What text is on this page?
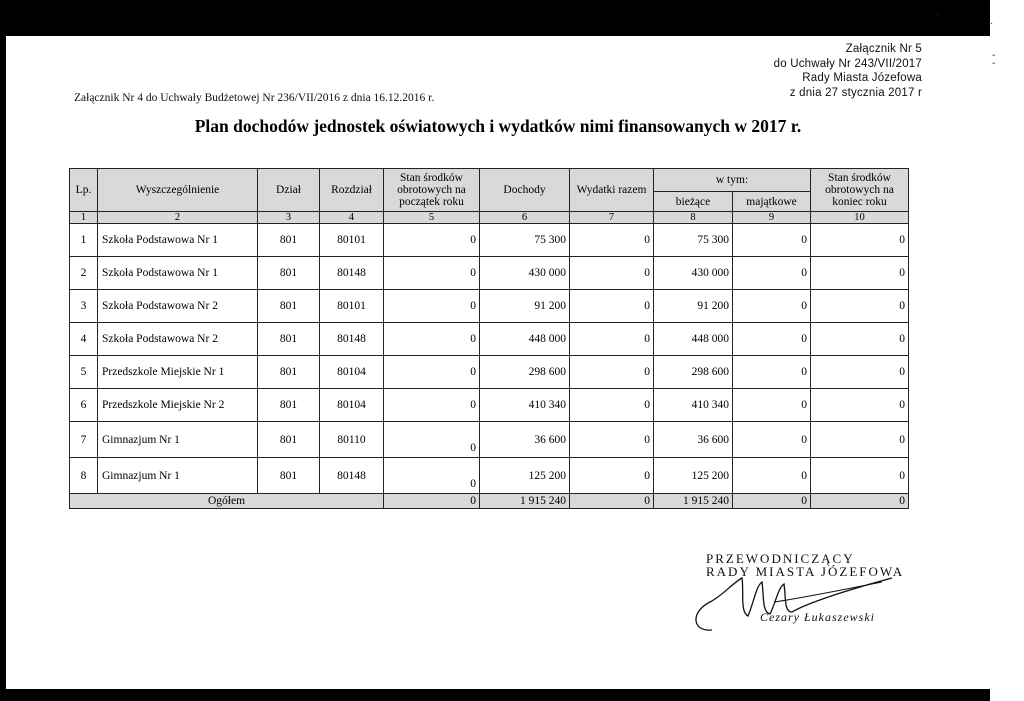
·
Załącznik Nr 4 do Uchwały Budżetowej Nr 236/VII/2016 z dnia 16.12.2016 r.
Załącznik Nr 5
do Uchwały Nr 243/VII/2017
Rady Miasta Józefowa
z dnia 27 stycznia 2017 r
Plan dochodów jednostek oświatowych i wydatków nimi finansowanych w 2017 r.
Lp.	Wyszczególnienie	Dział	Rozdział	Stan środków obrotowych na początek roku	Dochody	Wydatki razem	w tym:		Stan środków obrotowych na koniec roku
							bieżące	majątkowe	
1	2	3	4	5	6	7	8	9	10
1	Szkoła Podstawowa Nr 1	801	80101	0	75 300	0	75 300	0	0
2	Szkoła Podstawowa Nr 1	801	80148	0	430 000	0	430 000	0	0
3	Szkoła Podstawowa Nr 2	801	80101	0	91 200	0	91 200	0	0
4	Szkoła Podstawowa Nr 2	801	80148	0	448 000	0	448 000	0	0
5	Przedszkole Miejskie Nr 1	801	80104	0	298 600	0	298 600	0	0
6	Przedszkole Miejskie Nr 2	801	80104	0	410 340	0	410 340	0	0
7	Gimnazjum Nr 1	801	80110	0	36 600	0	36 600	0	0
8	Gimnazjum Nr 1	801	80148	0	125 200	0	125 200	0	0
Ogółem				0	1 915 240	0	1 915 240	0	0
PRZEWODNICZĄCY
RADY MIASTA JÓZEFOWA
Cezary Łukaszewski
·
-
-
